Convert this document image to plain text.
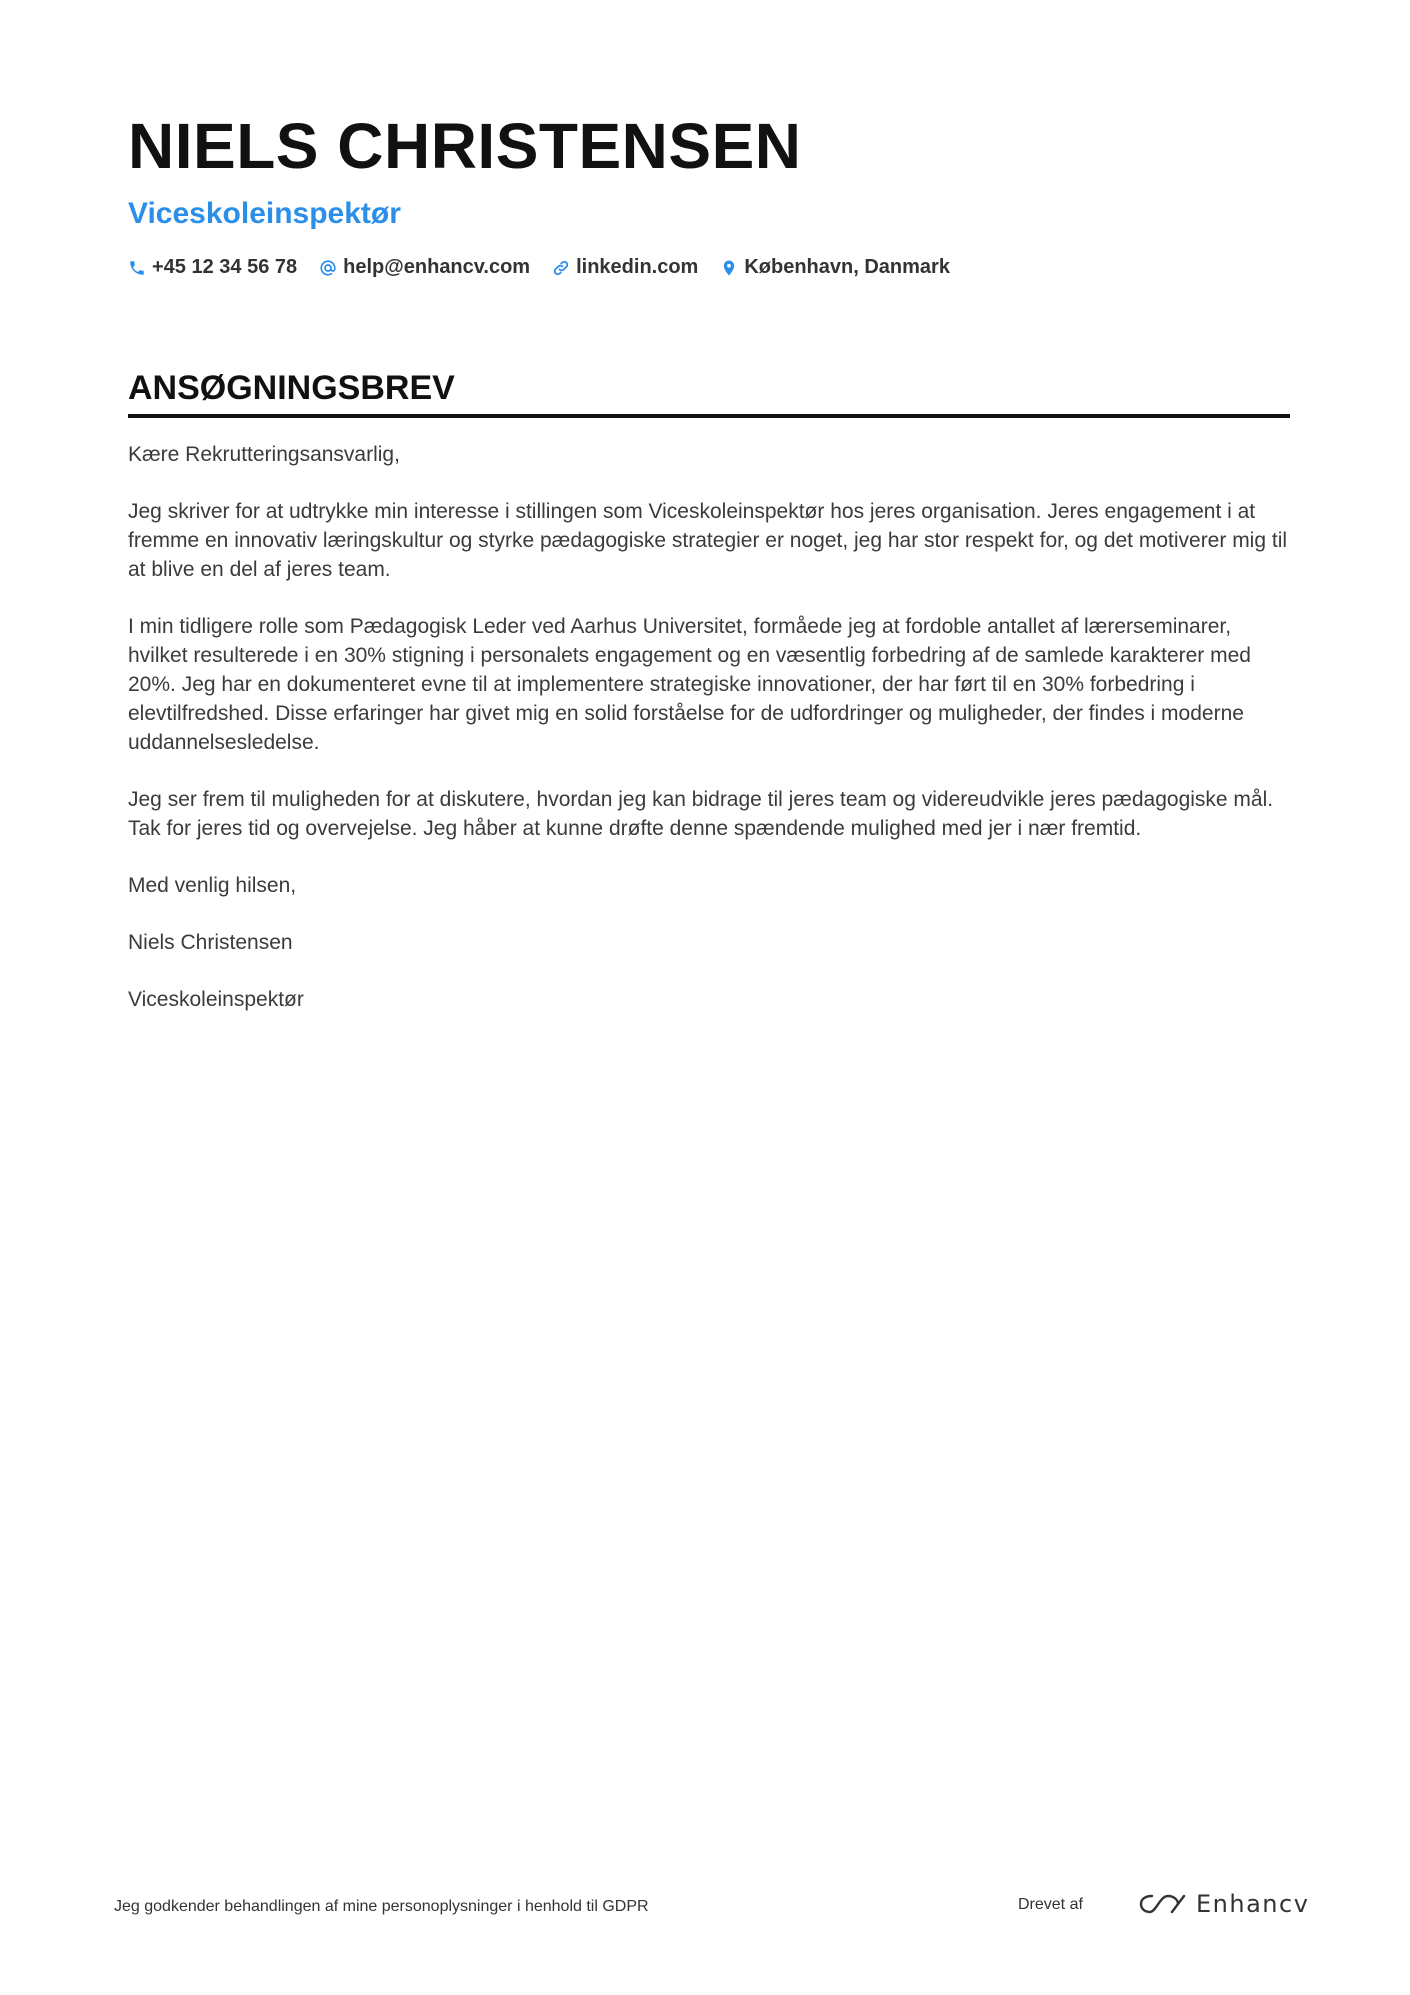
NIELS CHRISTENSEN
Viceskoleinspektør
+45 12 34 56 78 help@enhancv.com linkedin.com København, Danmark
ANSØGNINGSBREV

Kære Rekrutteringsansvarlig,

Jeg skriver for at udtrykke min interesse i stillingen som Viceskoleinspektør hos jeres organisation. Jeres engagement i at fremme en innovativ læringskultur og styrke pædagogiske strategier er noget, jeg har stor respekt for, og det motiverer mig til at blive en del af jeres team.

I min tidligere rolle som Pædagogisk Leder ved Aarhus Universitet, formåede jeg at fordoble antallet af lærerseminarer, hvilket resulterede i en 30% stigning i personalets engagement og en væsentlig forbedring af de samlede karakterer med 20%. Jeg har en dokumenteret evne til at implementere strategiske innovationer, der har ført til en 30% forbedring i elevtilfredshed. Disse erfaringer har givet mig en solid forståelse for de udfordringer og muligheder, der findes i moderne uddannelsesledelse.

Jeg ser frem til muligheden for at diskutere, hvordan jeg kan bidrage til jeres team og videreudvikle jeres pædagogiske mål. Tak for jeres tid og overvejelse. Jeg håber at kunne drøfte denne spændende mulighed med jer i nær fremtid.

Med venlig hilsen,

Niels Christensen

Viceskoleinspektør

Jeg godkender behandlingen af mine personoplysninger i henhold til GDPR	Drevet af	Enhancv
